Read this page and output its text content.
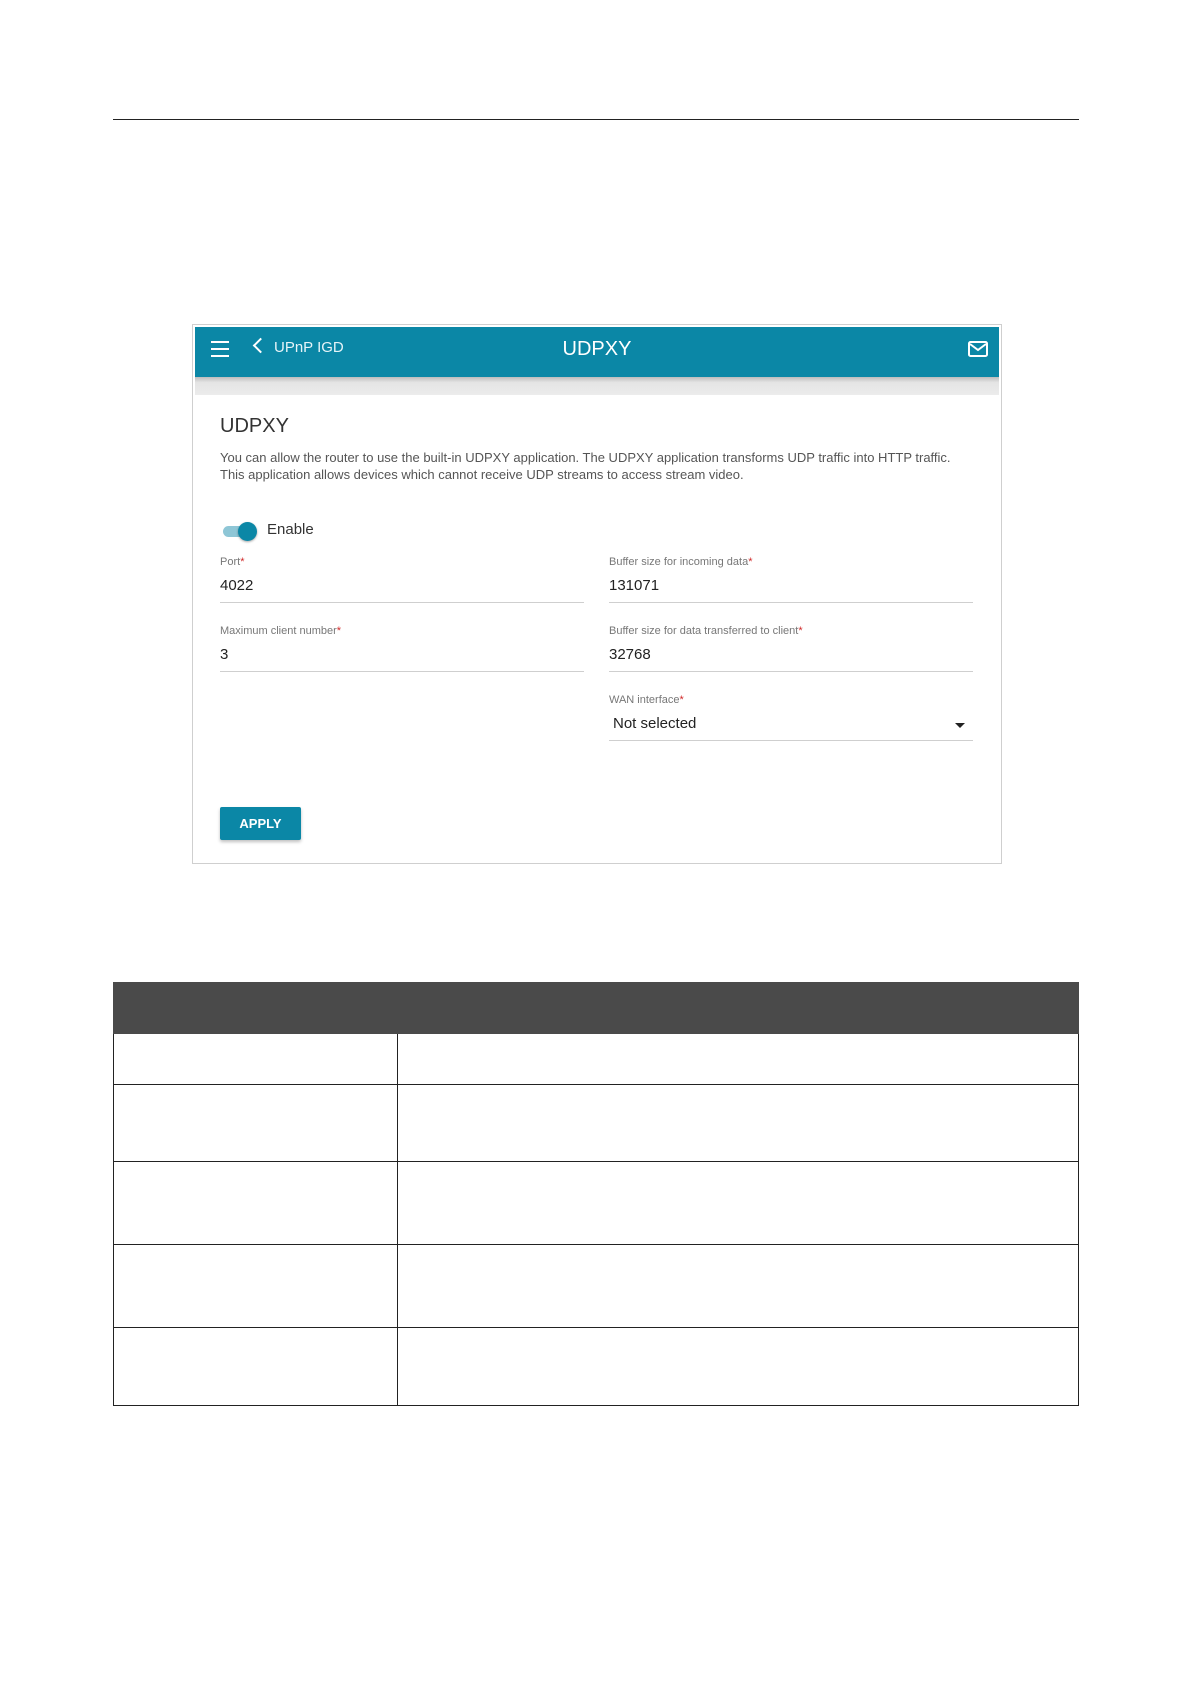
UPnP IGD	UDPXY
UDPXY

You can allow the router to use the built-in UDPXY application. The UDPXY application transforms UDP traffic into HTTP traffic. This application allows devices which cannot receive UDP streams to access stream video.

Enable
Port*
4022
Buffer size for incoming data*
131071
Maximum client number*
3
Buffer size for data transferred to client*
32768
WAN interface*
Not selected
APPLY
